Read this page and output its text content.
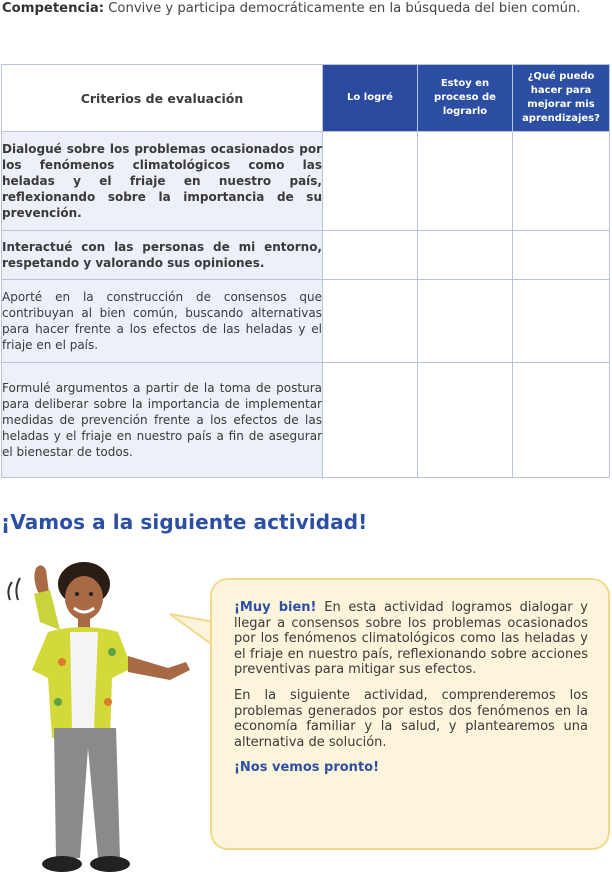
Competencia: Convive y participa democráticamente en la búsqueda del bien común.
Criterios de evaluación	Lo logré	Estoy en proceso de lograrlo	¿Qué puedo hacer para mejorar mis aprendizajes?
Dialogué sobre los problemas ocasionados por los fenómenos climatológicos como las heladas y el friaje en nuestro país, reflexionando sobre la importancia de su prevención.			
Interactué con las personas de mi entorno, respetando y valorando sus opiniones.			
Aporté en la construcción de consensos que contribuyan al bien común, buscando alternativas para hacer frente a los efectos de las heladas y el friaje en el país.			
Formulé argumentos a partir de la toma de postura para deliberar sobre la importancia de implementar medidas de prevención frente a los efectos de las heladas y el friaje en nuestro país a fin de asegurar el bienestar de todos.			
¡Vamos a la siguiente actividad!

¡Muy bien! En esta actividad logramos dialogar y llegar a consensos sobre los problemas ocasionados por los fenómenos climatológicos como las heladas y el friaje en nuestro país, reflexionando sobre acciones preventivas para mitigar sus efectos.

En la siguiente actividad, comprenderemos los problemas generados por estos dos fenómenos en la economía familiar y la salud, y plantearemos una alternativa de solución.

¡Nos vemos pronto!
